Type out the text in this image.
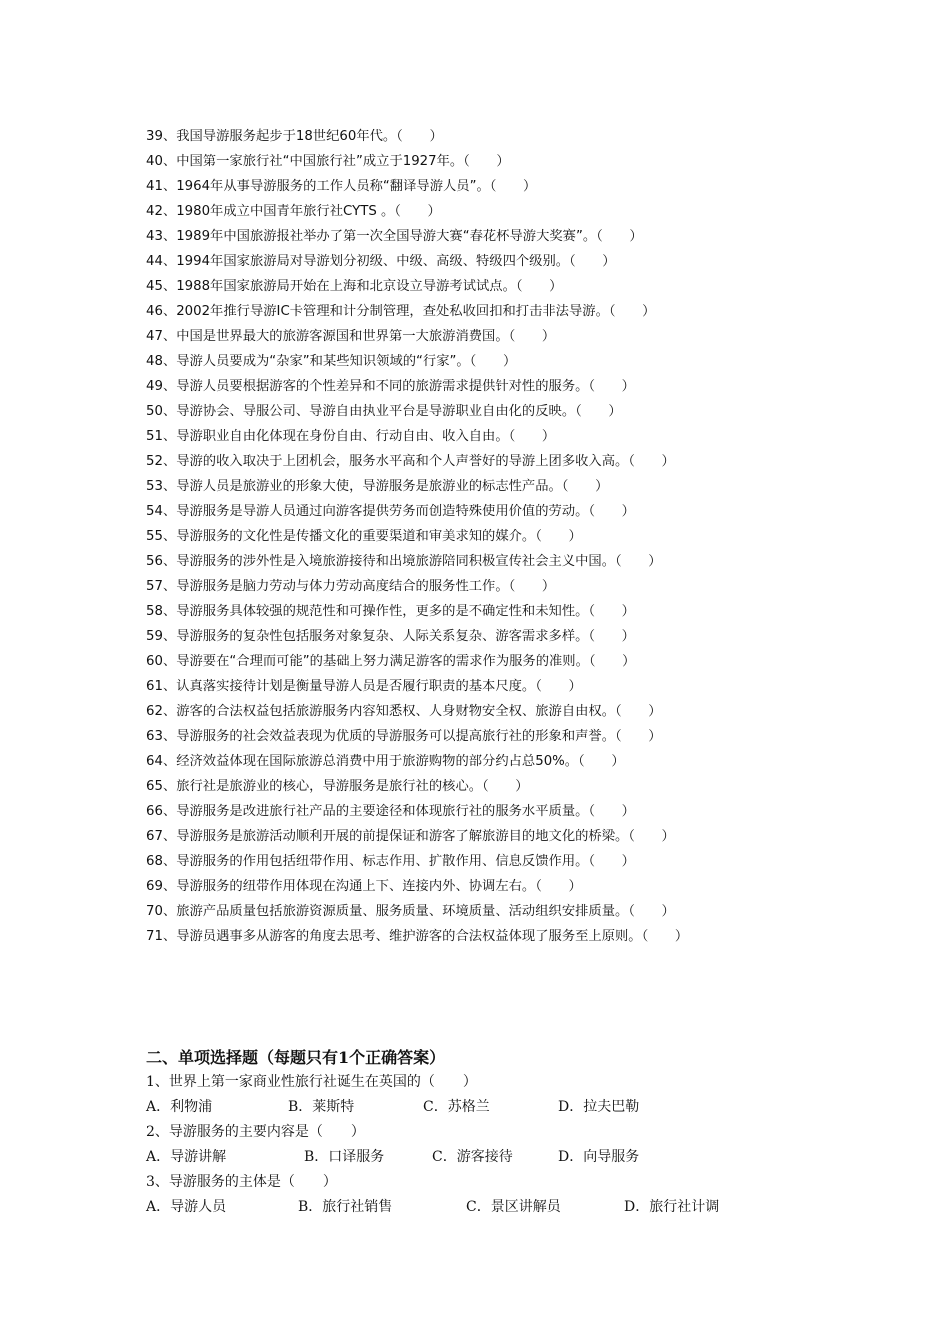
39、我国导游服务起步于18世纪60年代。（　　）
40、中国第一家旅行社“中国旅行社”成立于1927年。（　　）
41、1964年从事导游服务的工作人员称“翻译导游人员”。（　　）
42、1980年成立中国青年旅行社CYTS 。（　　）
43、1989年中国旅游报社举办了第一次全国导游大赛“春花杯导游大奖赛”。（　　）
44、1994年国家旅游局对导游划分初级、中级、高级、特级四个级别。（　　）
45、1988年国家旅游局开始在上海和北京设立导游考试试点。（　　）
46、2002年推行导游IC卡管理和计分制管理，查处私收回扣和打击非法导游。（　　）
47、中国是世界最大的旅游客源国和世界第一大旅游消费国。（　　）
48、导游人员要成为“杂家”和某些知识领域的“行家”。（　　）
49、导游人员要根据游客的个性差异和不同的旅游需求提供针对性的服务。（　　）
50、导游协会、导服公司、导游自由执业平台是导游职业自由化的反映。（　　）
51、导游职业自由化体现在身份自由、行动自由、收入自由。（　　）
52、导游的收入取决于上团机会，服务水平高和个人声誉好的导游上团多收入高。（　　）
53、导游人员是旅游业的形象大使，导游服务是旅游业的标志性产品。（　　）
54、导游服务是导游人员通过向游客提供劳务而创造特殊使用价值的劳动。（　　）
55、导游服务的文化性是传播文化的重要渠道和审美求知的媒介。（　　）
56、导游服务的涉外性是入境旅游接待和出境旅游陪同积极宣传社会主义中国。（　　）
57、导游服务是脑力劳动与体力劳动高度结合的服务性工作。（　　）
58、导游服务具体较强的规范性和可操作性，更多的是不确定性和未知性。（　　）
59、导游服务的复杂性包括服务对象复杂、人际关系复杂、游客需求多样。（　　）
60、导游要在“合理而可能”的基础上努力满足游客的需求作为服务的准则。（　　）
61、认真落实接待计划是衡量导游人员是否履行职责的基本尺度。（　　）
62、游客的合法权益包括旅游服务内容知悉权、人身财物安全权、旅游自由权。（　　）
63、导游服务的社会效益表现为优质的导游服务可以提高旅行社的形象和声誉。（　　）
64、经济效益体现在国际旅游总消费中用于旅游购物的部分约占总50%。（　　）
65、旅行社是旅游业的核心，导游服务是旅行社的核心。（　　）
66、导游服务是改进旅行社产品的主要途径和体现旅行社的服务水平质量。（　　）
67、导游服务是旅游活动顺利开展的前提保证和游客了解旅游目的地文化的桥梁。（　　）
68、导游服务的作用包括纽带作用、标志作用、扩散作用、信息反馈作用。（　　）
69、导游服务的纽带作用体现在沟通上下、连接内外、协调左右。（　　）
70、旅游产品质量包括旅游资源质量、服务质量、环境质量、活动组织安排质量。（　　）
71、导游员遇事多从游客的角度去思考、维护游客的合法权益体现了服务至上原则。（　　）
二、单项选择题（每题只有1个正确答案）
1、世界上第一家商业性旅行社诞生在英国的（　　）
A．利物浦	B．莱斯特	C．苏格兰	D．拉夫巴勒
2、导游服务的主要内容是（　　）
A．导游讲解	B．口译服务	C．游客接待	D．向导服务
3、导游服务的主体是（　　）
A．导游人员	B．旅行社销售	C．景区讲解员	D．旅行社计调
